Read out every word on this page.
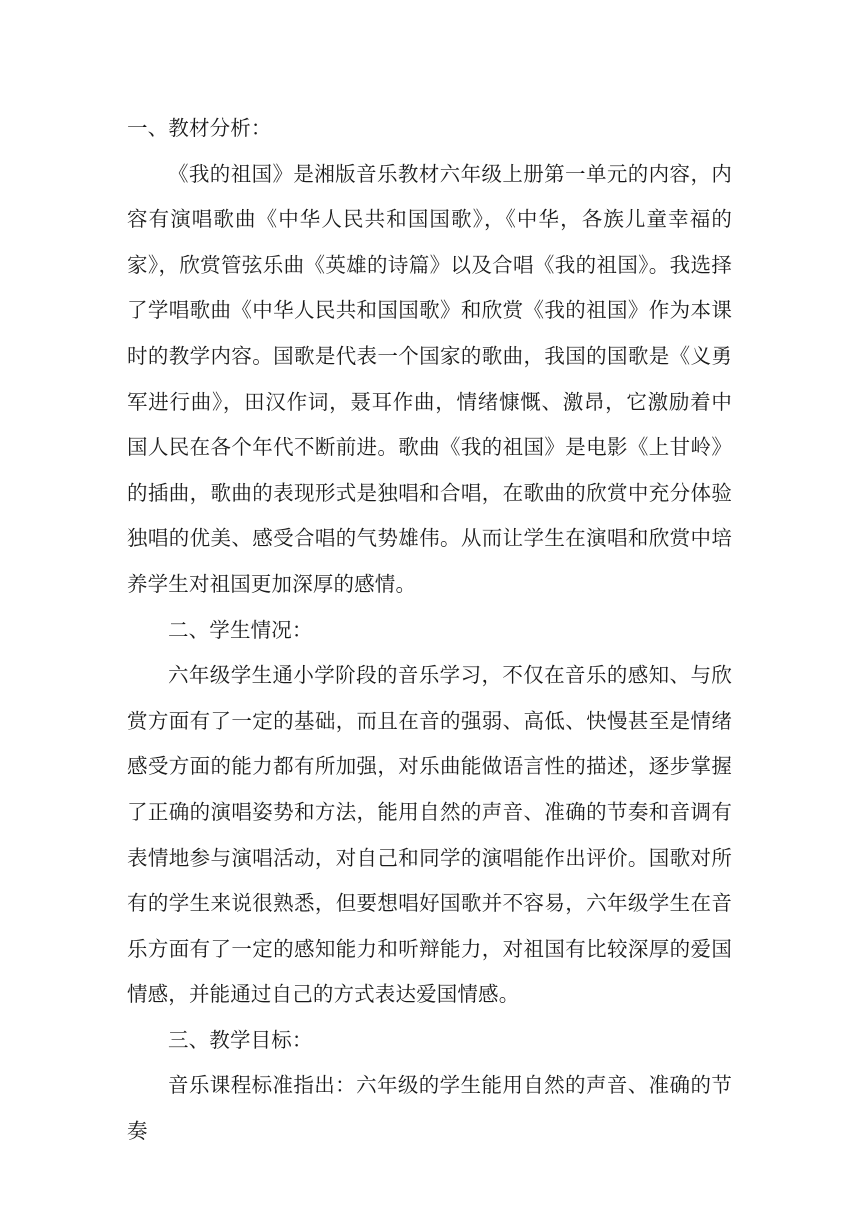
一、教材分析：

《我的祖国》是湘版音乐教材六年级上册第一单元的内容，内容有演唱歌曲《中华人民共和国国歌》，《中华，各族儿童幸福的家》，欣赏管弦乐曲《英雄的诗篇》以及合唱《我的祖国》。我选择了学唱歌曲《中华人民共和国国歌》和欣赏《我的祖国》作为本课时的教学内容。国歌是代表一个国家的歌曲，我国的国歌是《义勇军进行曲》，田汉作词，聂耳作曲，情绪慷慨、激昂，它激励着中国人民在各个年代不断前进。歌曲《我的祖国》是电影《上甘岭》的插曲，歌曲的表现形式是独唱和合唱，在歌曲的欣赏中充分体验独唱的优美、感受合唱的气势雄伟。从而让学生在演唱和欣赏中培养学生对祖国更加深厚的感情。

二、学生情况：

六年级学生通小学阶段的音乐学习，不仅在音乐的感知、与欣赏方面有了一定的基础，而且在音的强弱、高低、快慢甚至是情绪感受方面的能力都有所加强，对乐曲能做语言性的描述，逐步掌握了正确的演唱姿势和方法，能用自然的声音、准确的节奏和音调有表情地参与演唱活动，对自己和同学的演唱能作出评价。国歌对所有的学生来说很熟悉，但要想唱好国歌并不容易，六年级学生在音乐方面有了一定的感知能力和听辩能力，对祖国有比较深厚的爱国情感，并能通过自己的方式表达爱国情感。

三、教学目标：

音乐课程标准指出：六年级的学生能用自然的声音、准确的节奏
